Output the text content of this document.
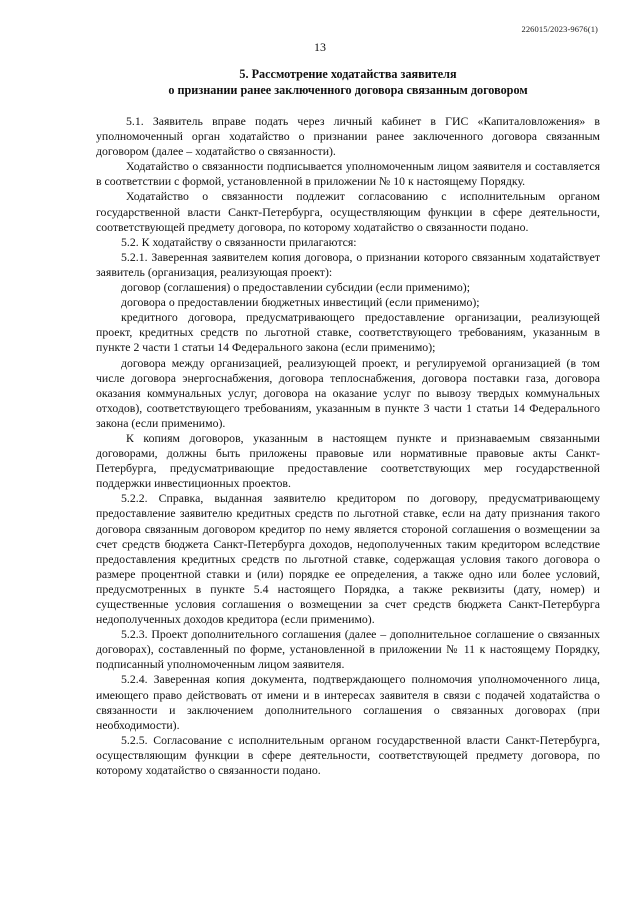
226015/2023-9676(1)
13
5. Рассмотрение ходатайства заявителя
о признании ранее заключенного договора связанным договором

5.1. Заявитель вправе подать через личный кабинет в ГИС «Капиталовложения» в уполномоченный орган ходатайство о признании ранее заключенного договора связанным договором (далее – ходатайство о связанности).

Ходатайство о связанности подписывается уполномоченным лицом заявителя и составляется в соответствии с формой, установленной в приложении № 10 к настоящему Порядку.

Ходатайство о связанности подлежит согласованию с исполнительным органом государственной власти Санкт-Петербурга, осуществляющим функции в сфере деятельности, соответствующей предмету договора, по которому ходатайство о связанности подано.

5.2. К ходатайству о связанности прилагаются:

5.2.1. Заверенная заявителем копия договора, о признании которого связанным ходатайствует заявитель (организация, реализующая проект):

договор (соглашения) о предоставлении субсидии (если применимо);

договора о предоставлении бюджетных инвестиций (если применимо);

кредитного договора, предусматривающего предоставление организации, реализующей проект, кредитных средств по льготной ставке, соответствующего требованиям, указанным в пункте 2 части 1 статьи 14 Федерального закона (если применимо);

договора между организацией, реализующей проект, и регулируемой организацией (в том числе договора энергоснабжения, договора теплоснабжения, договора поставки газа, договора оказания коммунальных услуг, договора на оказание услуг по вывозу твердых коммунальных отходов), соответствующего требованиям, указанным в пункте 3 части 1 статьи 14 Федерального закона (если применимо).

К копиям договоров, указанным в настоящем пункте и признаваемым связанными договорами, должны быть приложены правовые или нормативные правовые акты Санкт-Петербурга, предусматривающие предоставление соответствующих мер государственной поддержки инвестиционных проектов.

5.2.2. Справка, выданная заявителю кредитором по договору, предусматривающему предоставление заявителю кредитных средств по льготной ставке, если на дату признания такого договора связанным договором кредитор по нему является стороной соглашения о возмещении за счет средств бюджета Санкт-Петербурга доходов, недополученных таким кредитором вследствие предоставления кредитных средств по льготной ставке, содержащая условия такого договора о размере процентной ставки и (или) порядке ее определения, а также одно или более условий, предусмотренных в пункте 5.4 настоящего Порядка, а также реквизиты (дату, номер) и существенные условия соглашения о возмещении за счет средств бюджета Санкт-Петербурга недополученных доходов кредитора (если применимо).

5.2.3. Проект дополнительного соглашения (далее – дополнительное соглашение о связанных договорах), составленный по форме, установленной в приложении № 11 к настоящему Порядку, подписанный уполномоченным лицом заявителя.

5.2.4. Заверенная копия документа, подтверждающего полномочия уполномоченного лица, имеющего право действовать от имени и в интересах заявителя в связи с подачей ходатайства о связанности и заключением дополнительного соглашения о связанных договорах (при необходимости).

5.2.5. Согласование с исполнительным органом государственной власти Санкт-Петербурга, осуществляющим функции в сфере деятельности, соответствующей предмету договора, по которому ходатайство о связанности подано.
